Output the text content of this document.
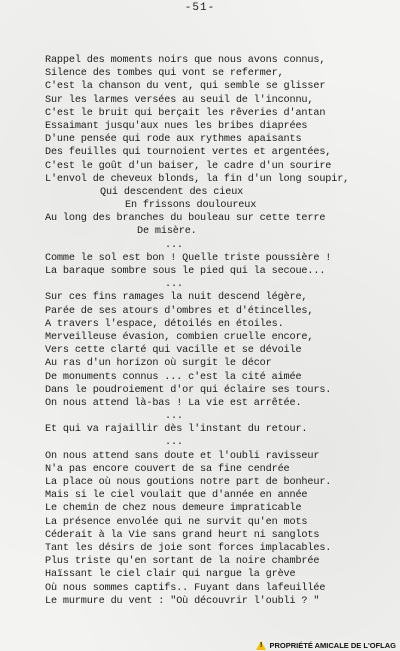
-51-
Rappel des moments noirs que nous avons connus,
Silence des tombes qui vont se refermer,
C'est la chanson du vent, qui semble se glisser
Sur les larmes versées au seuil de l'inconnu,
C'est le bruit qui berçait les rêveries d'antan
Essaimant jusqu'aux nues les bribes diaprées
D'une pensée qui rode aux rythmes apaisants
Des feuilles qui tournoient vertes et argentées,
C'est le goût d'un baiser, le cadre d'un sourire
L'envol de cheveux blonds, la fin d'un long soupir,
Qui descendent des cieux
En frissons douloureux
Au long des branches du bouleau sur cette terre
De misère.
...
Comme le sol est bon ! Quelle triste poussière !
La baraque sombre sous le pied qui la secoue...
...
Sur ces fins ramages la nuit descend légère,
Parée de ses atours d'ombres et d'étincelles,
A travers l'espace, détoilés en étoiles.
Merveilleuse évasion, combien cruelle encore,
Vers cette clarté qui vacille et se dévoile
Au ras d'un horizon où surgit le décor
De monuments connus ... c'est la cité aimée
Dans le poudroiement d'or qui éclaire ses tours.
On nous attend là-bas ! La vie est arrêtée.
...
Et qui va rajaillir dès l'instant du retour.
...
On nous attend sans doute et l'oubli ravisseur
N'a pas encore couvert de sa fine cendrée
La place où nous goutions notre part de bonheur.
Mais si le ciel voulait que d'année en année
Le chemin de chez nous demeure impraticable
La présence envolée qui ne survit qu'en mots
Céderait à la Vie sans grand heurt ni sanglots
Tant les désirs de joie sont forces implacables.
Plus triste qu'en sortant de la noire chambrée
Haïssant le ciel clair qui nargue la grève
Où nous sommes captifs.. Fuyant dans lafeuillée
Le murmure du vent : "Où découvrir l'oubli ? "
!
PROPRIÉTÉ AMICALE DE L'OFLAG
